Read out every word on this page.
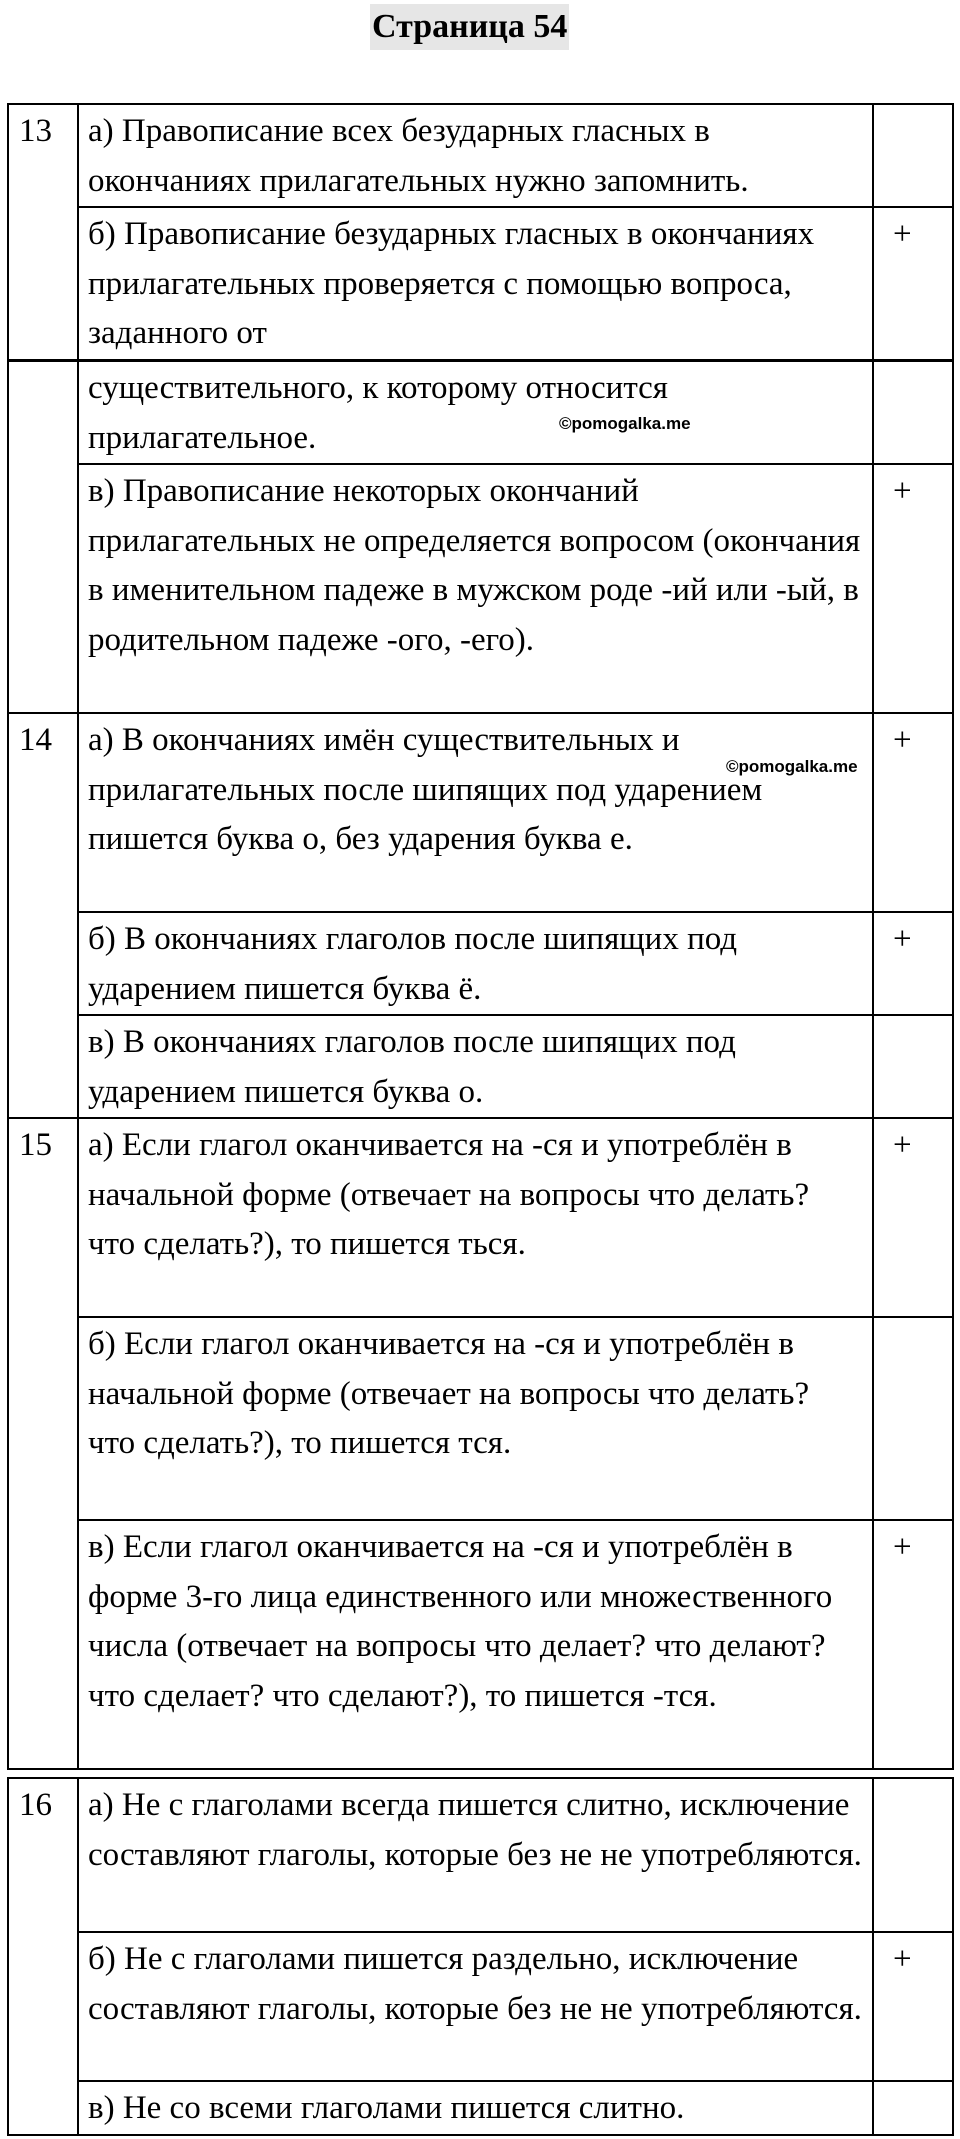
Страница 54
13	а) Правописание всех безударных гласных в окончаниях прилагательных нужно запомнить.	
	б) Правописание безударных гласных в окончаниях прилагательных проверяется с помощью вопроса, заданного от	+
	существительного, к которому относится прилагательное.	
	в) Правописание некоторых окончаний прилагательных не определяется вопросом (окончания в именительном падеже в мужском роде -ий или -ый, в родительном падеже -ого, -его).	+
14	а) В окончаниях имён существительных и прилагательных после шипящих под ударением пишется буква о, без ударения буква е.	+
	б) В окончаниях глаголов после шипящих под ударением пишется буква ё.	+
	в) В окончаниях глаголов после шипящих под ударением пишется буква о.	
15	а) Если глагол оканчивается на -ся и употреблён в начальной форме (отвечает на вопросы что делать? что сделать?), то пишется ться.	+
	б) Если глагол оканчивается на -ся и употреблён в начальной форме (отвечает на вопросы что делать? что сделать?), то пишется тся.	
	в) Если глагол оканчивается на -ся и употреблён в форме 3-го лица единственного или множественного числа (отвечает на вопросы что делает? что делают? что сделает? что сделают?), то пишется -тся.	+
16	а) Не с глаголами всегда пишется слитно, исключение составляют глаголы, которые без не не употребляются.	
	б) Не с глаголами пишется раздельно, исключение составляют глаголы, которые без не не употребляются.	+
	в) Не со всеми глаголами пишется слитно.	
©pomogalka.me
©pomogalka.me
